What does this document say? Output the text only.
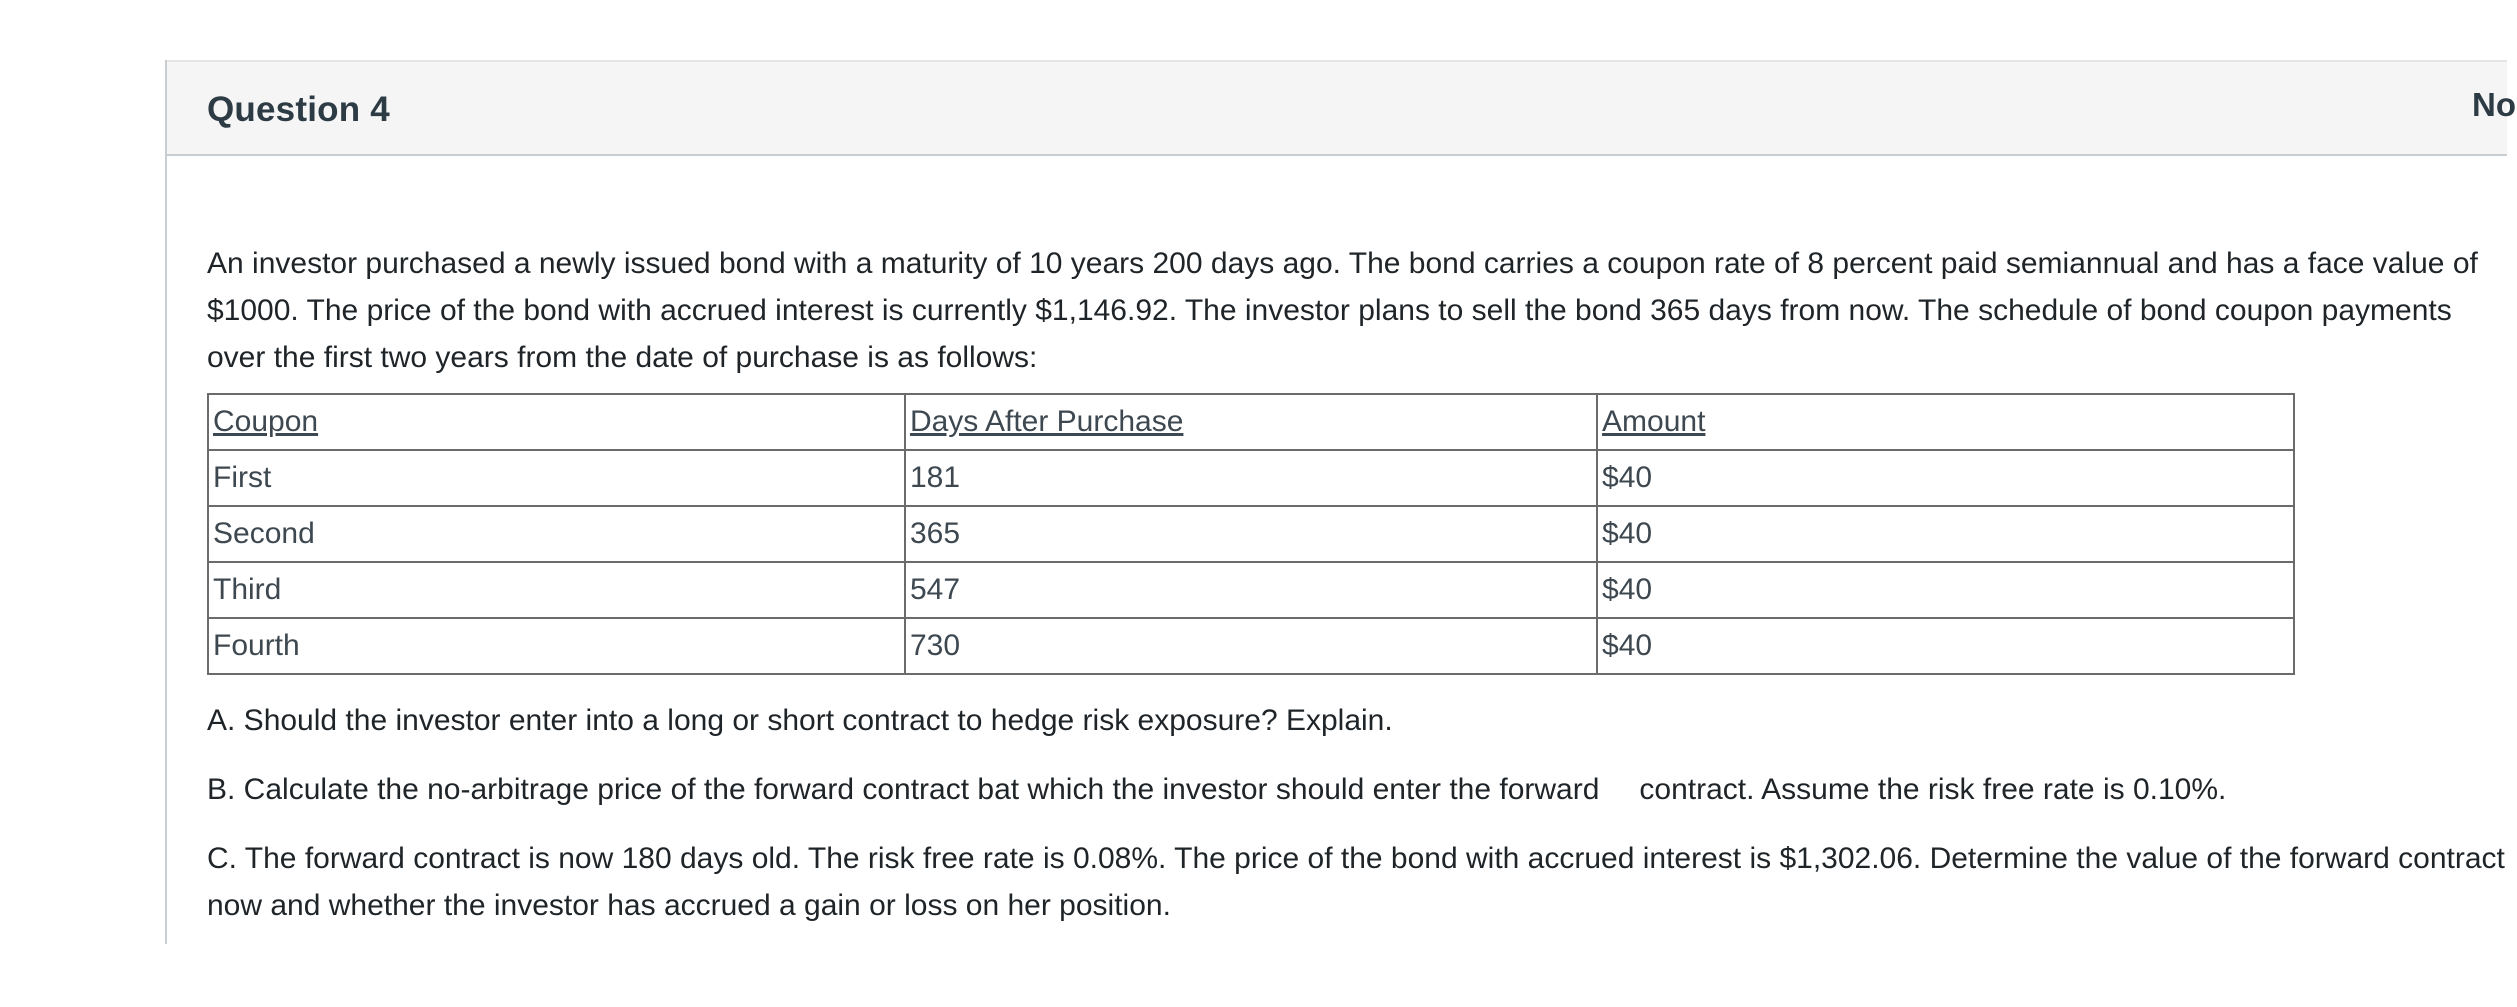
Question 4	No

An investor purchased a newly issued bond with a maturity of 10 years 200 days ago. The bond carries a coupon rate of 8 percent paid semiannual and has a face value of $1000. The price of the bond with accrued interest is currently $1,146.92. The investor plans to sell the bond 365 days from now. The schedule of bond coupon payments over the first two years from the date of purchase is as follows:

Coupon	Days After Purchase	Amount
First	181	$40
Second	365	$40
Third	547	$40
Fourth	730	$40

A. Should the investor enter into a long or short contract to hedge risk exposure? Explain.

B. Calculate the no-arbitrage price of the forward contract bat which the investor should enter the forward contract. Assume the risk free rate is 0.10%.

C. The forward contract is now 180 days old. The risk free rate is 0.08%. The price of the bond with accrued interest is $1,302.06. Determine the value of the forward contract now and whether the investor has accrued a gain or loss on her position.
